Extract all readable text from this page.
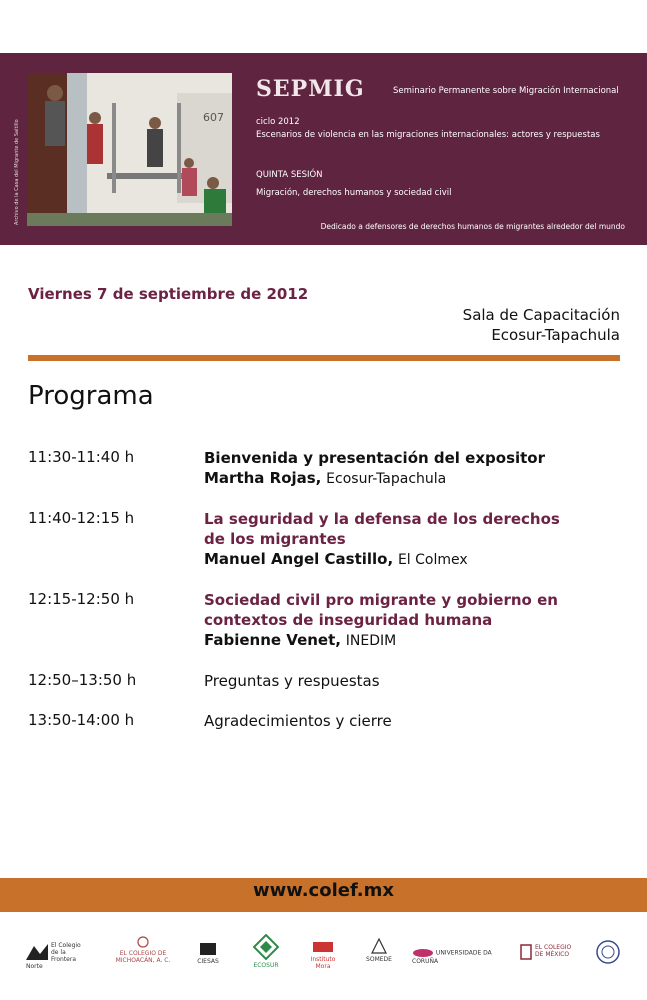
607
Archivo de la Casa del Migrante de Saltillo
SEPMIG	Seminario Permanente sobre Migración Internacional
ciclo 2012
Escenarios de violencia en las migraciones internacionales: actores y respuestas
QUINTA SESIÓN
Migración, derechos humanos y sociedad civil
Dedicado a defensores de derechos humanos de migrantes alrededor del mundo
Viernes 7 de septiembre de 2012
Sala de Capacitación
Ecosur-Tapachula
Programa
11:30-11:40 h	Bienvenida y presentación del expositor
Martha Rojas, Ecosur-Tapachula
11:40-12:15 h	La seguridad y la defensa de los derechos
de los migrantes
Manuel Angel Castillo, El Colmex
12:15-12:50 h	Sociedad civil pro migrante y gobierno en
contextos de inseguridad humana
Fabienne Venet, INEDIM
12:50–13:50 h	Preguntas y respuestas
13:50-14:00 h	Agradecimientos y cierre
www.colef.mx
El Colegio de la Frontera Norte
EL COLEGIO DE MICHOACÁN, A. C.	CIESAS
ECOSUR
Instituto Mora
SOMEDE
UNIVERSIDADE DA CORUÑA
EL COLEGIO DE MÉXICO
